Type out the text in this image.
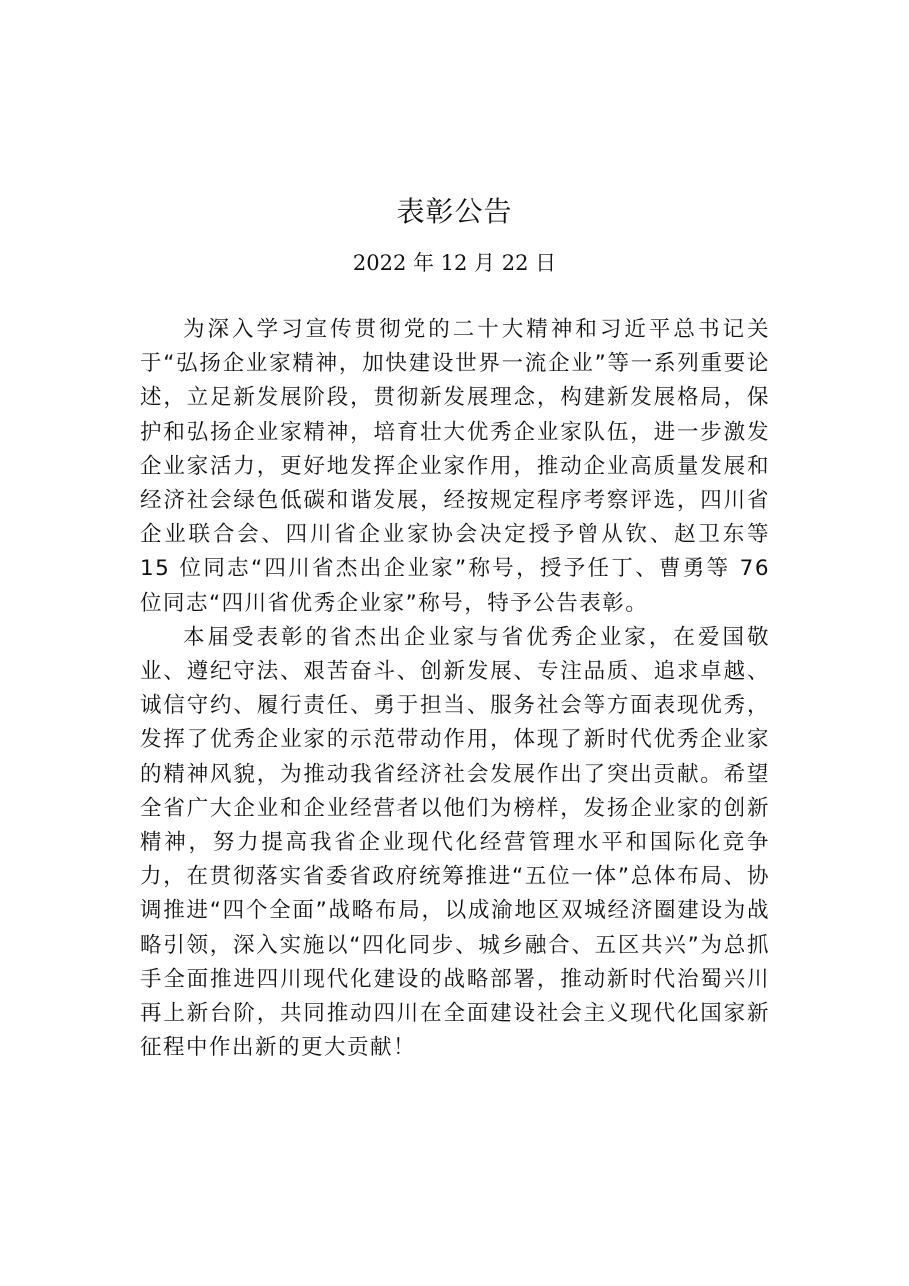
表彰公告
2022 年 12 月 22 日

为深入学习宣传贯彻党的二十大精神和习近平总书记关于“弘扬企业家精神，加快建设世界一流企业”等一系列重要论述，立足新发展阶段，贯彻新发展理念，构建新发展格局，保护和弘扬企业家精神，培育壮大优秀企业家队伍，进一步激发企业家活力，更好地发挥企业家作用，推动企业高质量发展和经济社会绿色低碳和谐发展，经按规定程序考察评选，四川省企业联合会、四川省企业家协会决定授予曾从钦、赵卫东等 15 位同志“四川省杰出企业家”称号，授予任丁、曹勇等 76 位同志“四川省优秀企业家”称号，特予公告表彰。

本届受表彰的省杰出企业家与省优秀企业家，在爱国敬业、遵纪守法、艰苦奋斗、创新发展、专注品质、追求卓越、诚信守约、履行责任、勇于担当、服务社会等方面表现优秀，发挥了优秀企业家的示范带动作用，体现了新时代优秀企业家的精神风貌，为推动我省经济社会发展作出了突出贡献。希望全省广大企业和企业经营者以他们为榜样，发扬企业家的创新精神，努力提高我省企业现代化经营管理水平和国际化竞争力，在贯彻落实省委省政府统筹推进“五位一体”总体布局、协调推进“四个全面”战略布局，以成渝地区双城经济圈建设为战略引领，深入实施以“四化同步、城乡融合、五区共兴”为总抓手全面推进四川现代化建设的战略部署，推动新时代治蜀兴川再上新台阶，共同推动四川在全面建设社会主义现代化国家新征程中作出新的更大贡献！
